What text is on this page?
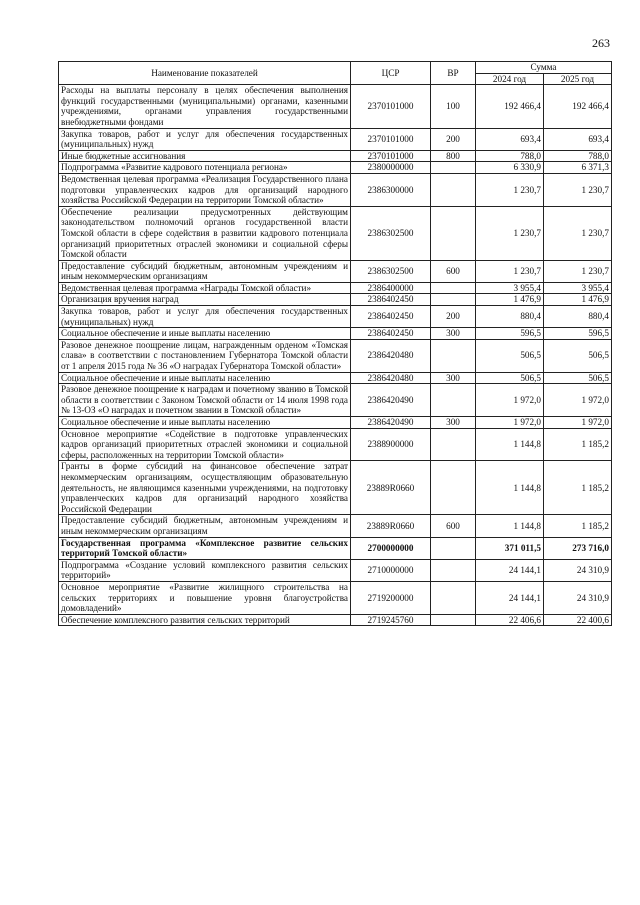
263
Наименование показателей	ЦСР	ВР	Сумма	
			2024 год	2025 год
Расходы на выплаты персоналу в целях обеспечения выполнения функций государственными (муниципальными) органами, казенными учреждениями, органами управления государственными внебюджетными фондами	2370101000	100	192 466,4	192 466,4
Закупка товаров, работ и услуг для обеспечения государственных (муниципальных) нужд	2370101000	200	693,4	693,4
Иные бюджетные ассигнования	2370101000	800	788,0	788,0
Подпрограмма «Развитие кадрового потенциала региона»	2380000000		6 330,9	6 371,3
Ведомственная целевая программа «Реализация Государственного плана подготовки управленческих кадров для организаций народного хозяйства Российской Федерации на территории Томской области»	2386300000		1 230,7	1 230,7
Обеспечение реализации предусмотренных действующим законодательством полномочий органов государственной власти Томской области в сфере содействия в развитии кадрового потенциала организаций приоритетных отраслей экономики и социальной сферы Томской области	2386302500		1 230,7	1 230,7
Предоставление субсидий бюджетным, автономным учреждениям и иным некоммерческим организациям	2386302500	600	1 230,7	1 230,7
Ведомственная целевая программа «Награды Томской области»	2386400000		3 955,4	3 955,4
Организация вручения наград	2386402450		1 476,9	1 476,9
Закупка товаров, работ и услуг для обеспечения государственных (муниципальных) нужд	2386402450	200	880,4	880,4
Социальное обеспечение и иные выплаты населению	2386402450	300	596,5	596,5
Разовое денежное поощрение лицам, награжденным орденом «Томская слава» в соответствии с постановлением Губернатора Томской области от 1 апреля 2015 года № 36 «О наградах Губернатора Томской области»	2386420480		506,5	506,5
Социальное обеспечение и иные выплаты населению	2386420480	300	506,5	506,5
Разовое денежное поощрение к наградам и почетному званию в Томской области в соответствии с Законом Томской области от 14 июля 1998 года № 13-ОЗ «О наградах и почетном звании в Томской области»	2386420490		1 972,0	1 972,0
Социальное обеспечение и иные выплаты населению	2386420490	300	1 972,0	1 972,0
Основное мероприятие «Содействие в подготовке управленческих кадров организаций приоритетных отраслей экономики и социальной сферы, расположенных на территории Томской области»	2388900000		1 144,8	1 185,2
Гранты в форме субсидий на финансовое обеспечение затрат некоммерческим организациям, осуществляющим образовательную деятельность, не являющимся казенными учреждениями, на подготовку управленческих кадров для организаций народного хозяйства Российской Федерации	23889R0660		1 144,8	1 185,2
Предоставление субсидий бюджетным, автономным учреждениям и иным некоммерческим организациям	23889R0660	600	1 144,8	1 185,2
Государственная программа «Комплексное развитие сельских территорий Томской области»	2700000000		371 011,5	273 716,0
Подпрограмма «Создание условий комплексного развития сельских территорий»	2710000000		24 144,1	24 310,9
Основное мероприятие «Развитие жилищного строительства на сельских территориях и повышение уровня благоустройства домовладений»	2719200000		24 144,1	24 310,9
Обеспечение комплексного развития сельских территорий	2719245760		22 406,6	22 400,6
